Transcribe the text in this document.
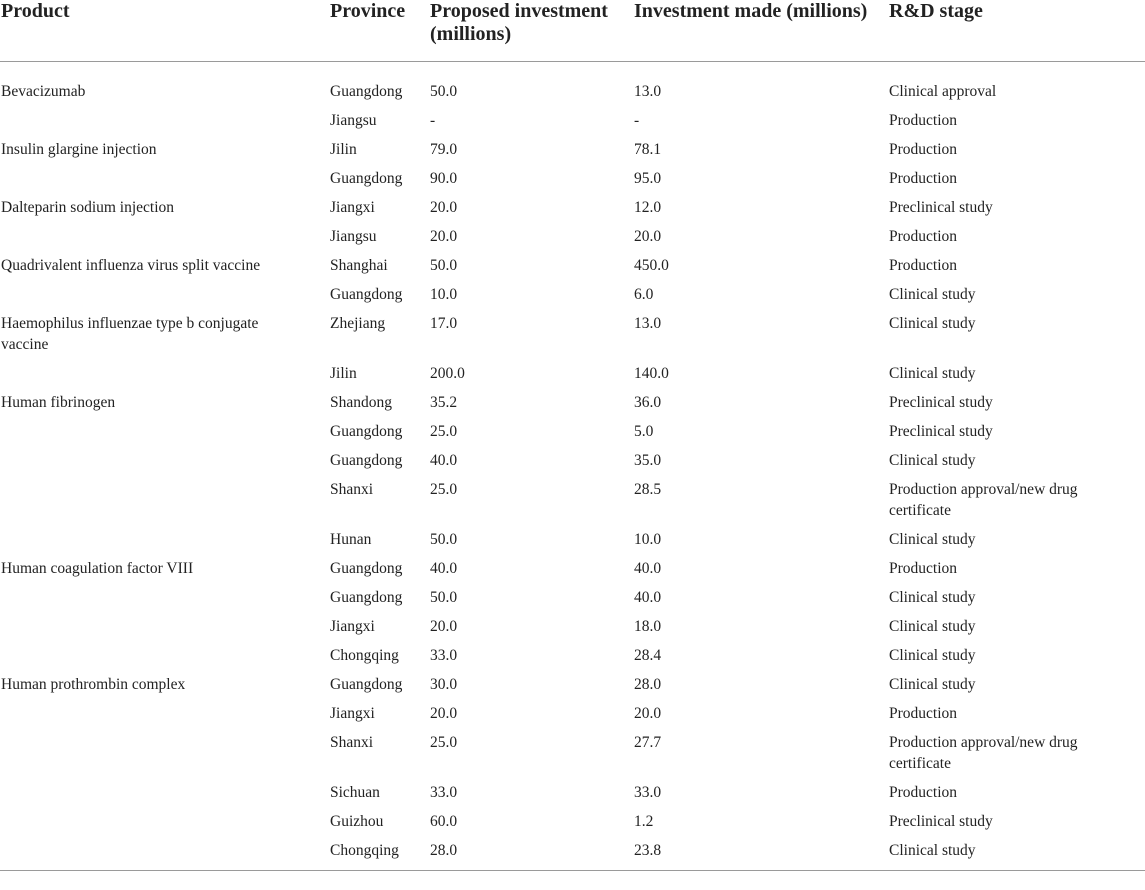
Product	Province	Proposed investment (millions)	Investment made (millions)	R&D stage

Bevacizumab	Guangdong	50.0	13.0	Clinical approval
	Jiangsu	-	-	Production
Insulin glargine injection	Jilin	79.0	78.1	Production
	Guangdong	90.0	95.0	Production
Dalteparin sodium injection	Jiangxi	20.0	12.0	Preclinical study
	Jiangsu	20.0	20.0	Production
Quadrivalent influenza virus split vaccine	Shanghai	50.0	450.0	Production
	Guangdong	10.0	6.0	Clinical study
Haemophilus influenzae type b conjugate vaccine	Zhejiang	17.0	13.0	Clinical study
	Jilin	200.0	140.0	Clinical study
Human fibrinogen	Shandong	35.2	36.0	Preclinical study
	Guangdong	25.0	5.0	Preclinical study
	Guangdong	40.0	35.0	Clinical study
	Shanxi	25.0	28.5	Production approval/new drug certificate
	Hunan	50.0	10.0	Clinical study
Human coagulation factor VIII	Guangdong	40.0	40.0	Production
	Guangdong	50.0	40.0	Clinical study
	Jiangxi	20.0	18.0	Clinical study
	Chongqing	33.0	28.4	Clinical study
Human prothrombin complex	Guangdong	30.0	28.0	Clinical study
	Jiangxi	20.0	20.0	Production
	Shanxi	25.0	27.7	Production approval/new drug certificate
	Sichuan	33.0	33.0	Production
	Guizhou	60.0	1.2	Preclinical study
	Chongqing	28.0	23.8	Clinical study
